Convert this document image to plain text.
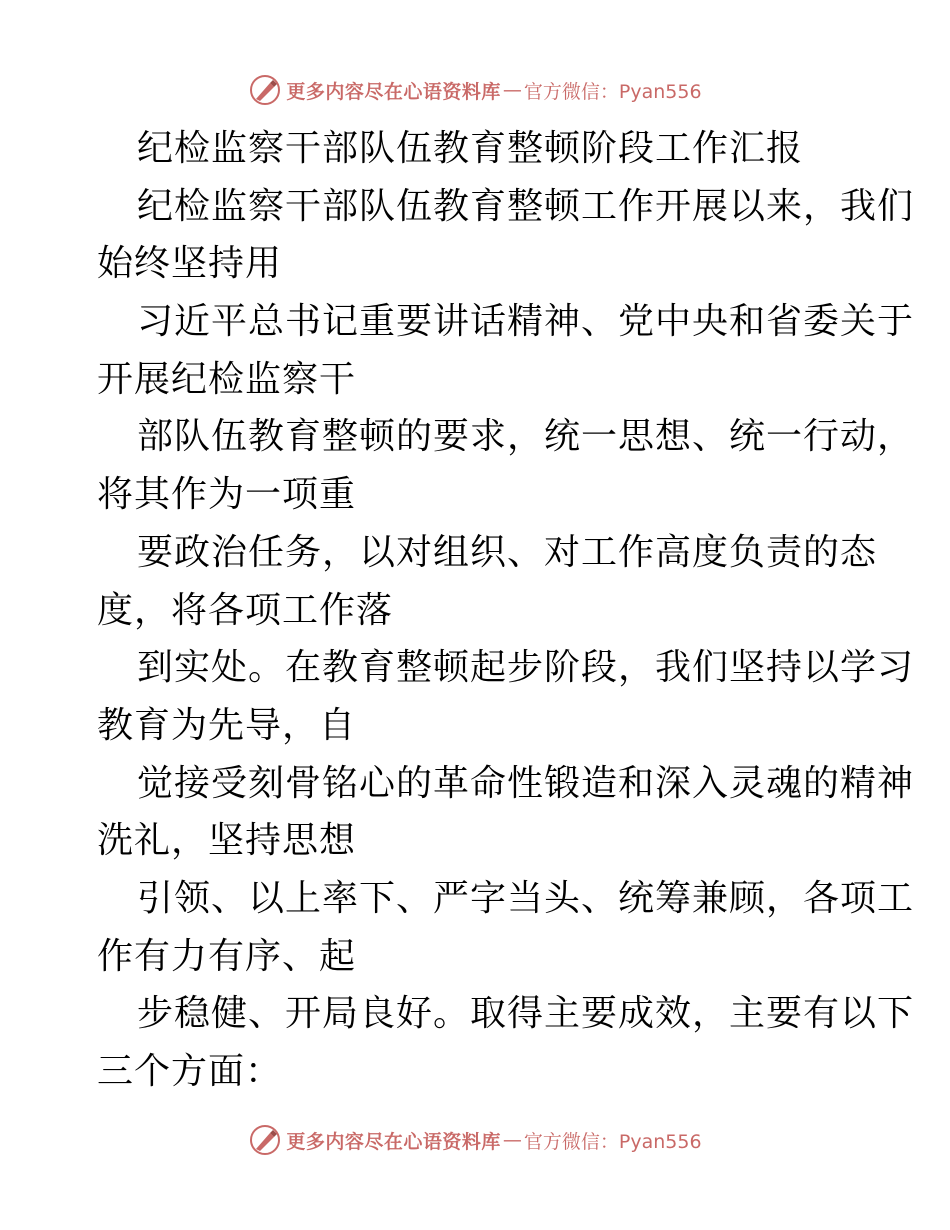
更多内容尽在心语资料库 — 官方微信：Pyan556
纪检监察干部队伍教育整顿阶段工作汇报
纪检监察干部队伍教育整顿工作开展以来，我们
始终坚持用
习近平总书记重要讲话精神、党中央和省委关于
开展纪检监察干
部队伍教育整顿的要求，统一思想、统一行动，
将其作为一项重
要政治任务，以对组织、对工作高度负责的态
度，将各项工作落
到实处。在教育整顿起步阶段，我们坚持以学习
教育为先导，自
觉接受刻骨铭心的革命性锻造和深入灵魂的精神
洗礼，坚持思想
引领、以上率下、严字当头、统筹兼顾，各项工
作有力有序、起
步稳健、开局良好。取得主要成效，主要有以下
三个方面：
更多内容尽在心语资料库 — 官方微信：Pyan556
